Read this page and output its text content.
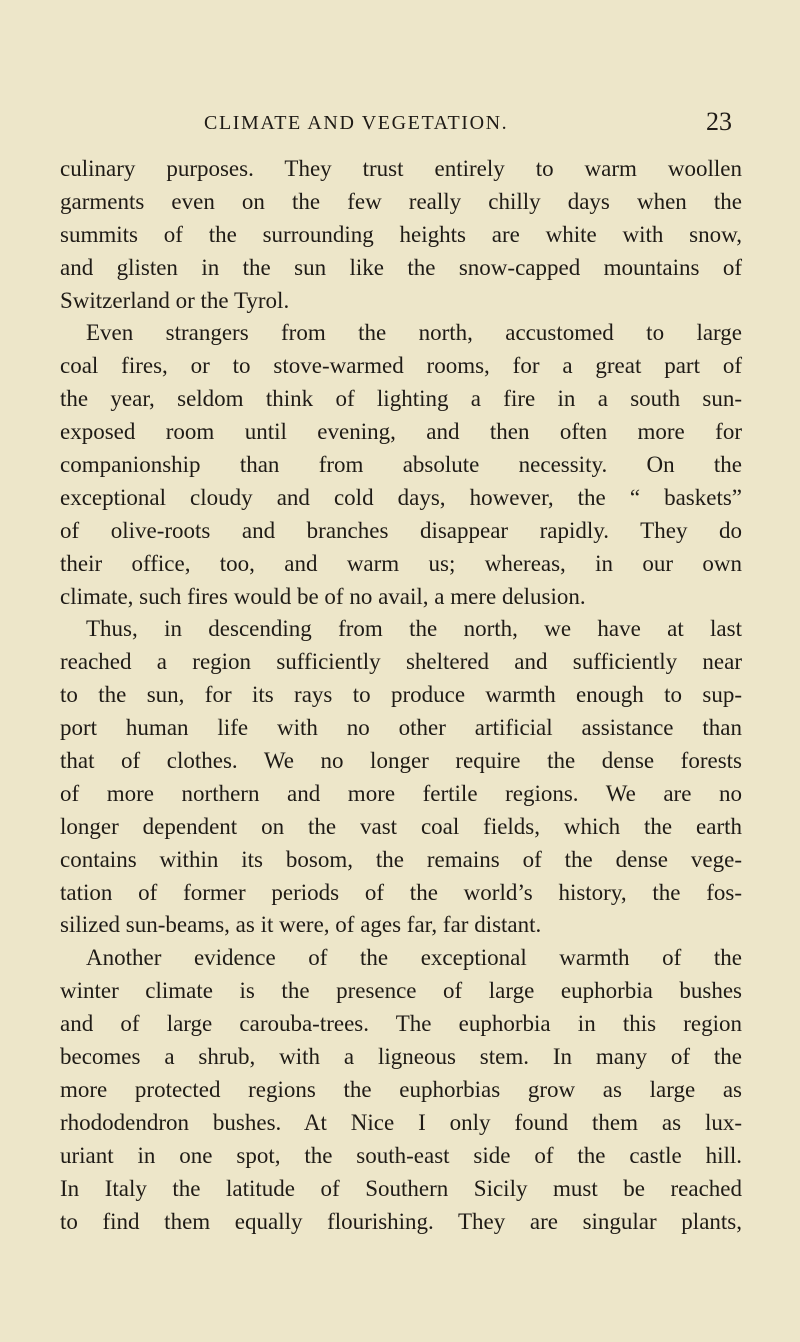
CLIMATE AND VEGETATION.	23
culinary purposes. They trust entirely to warm woollen
garments even on the few really chilly days when the
summits of the surrounding heights are white with snow,
and glisten in the sun like the snow-capped mountains of
Switzerland or the Tyrol.
Even strangers from the north, accustomed to large
coal fires, or to stove-warmed rooms, for a great part of
the year, seldom think of lighting a fire in a south sun-
exposed room until evening, and then often more for
companionship than from absolute necessity. On the
exceptional cloudy and cold days, however, the “ baskets”
of olive-roots and branches disappear rapidly. They do
their office, too, and warm us; whereas, in our own
climate, such fires would be of no avail, a mere delusion.
Thus, in descending from the north, we have at last
reached a region sufficiently sheltered and sufficiently near
to the sun, for its rays to produce warmth enough to sup-
port human life with no other artificial assistance than
that of clothes. We no longer require the dense forests
of more northern and more fertile regions. We are no
longer dependent on the vast coal fields, which the earth
contains within its bosom, the remains of the dense vege-
tation of former periods of the world’s history, the fos-
silized sun-beams, as it were, of ages far, far distant.
Another evidence of the exceptional warmth of the
winter climate is the presence of large euphorbia bushes
and of large carouba-trees. The euphorbia in this region
becomes a shrub, with a ligneous stem. In many of the
more protected regions the euphorbias grow as large as
rhododendron bushes. At Nice I only found them as lux-
uriant in one spot, the south-east side of the castle hill.
In Italy the latitude of Southern Sicily must be reached
to find them equally flourishing. They are singular plants,
